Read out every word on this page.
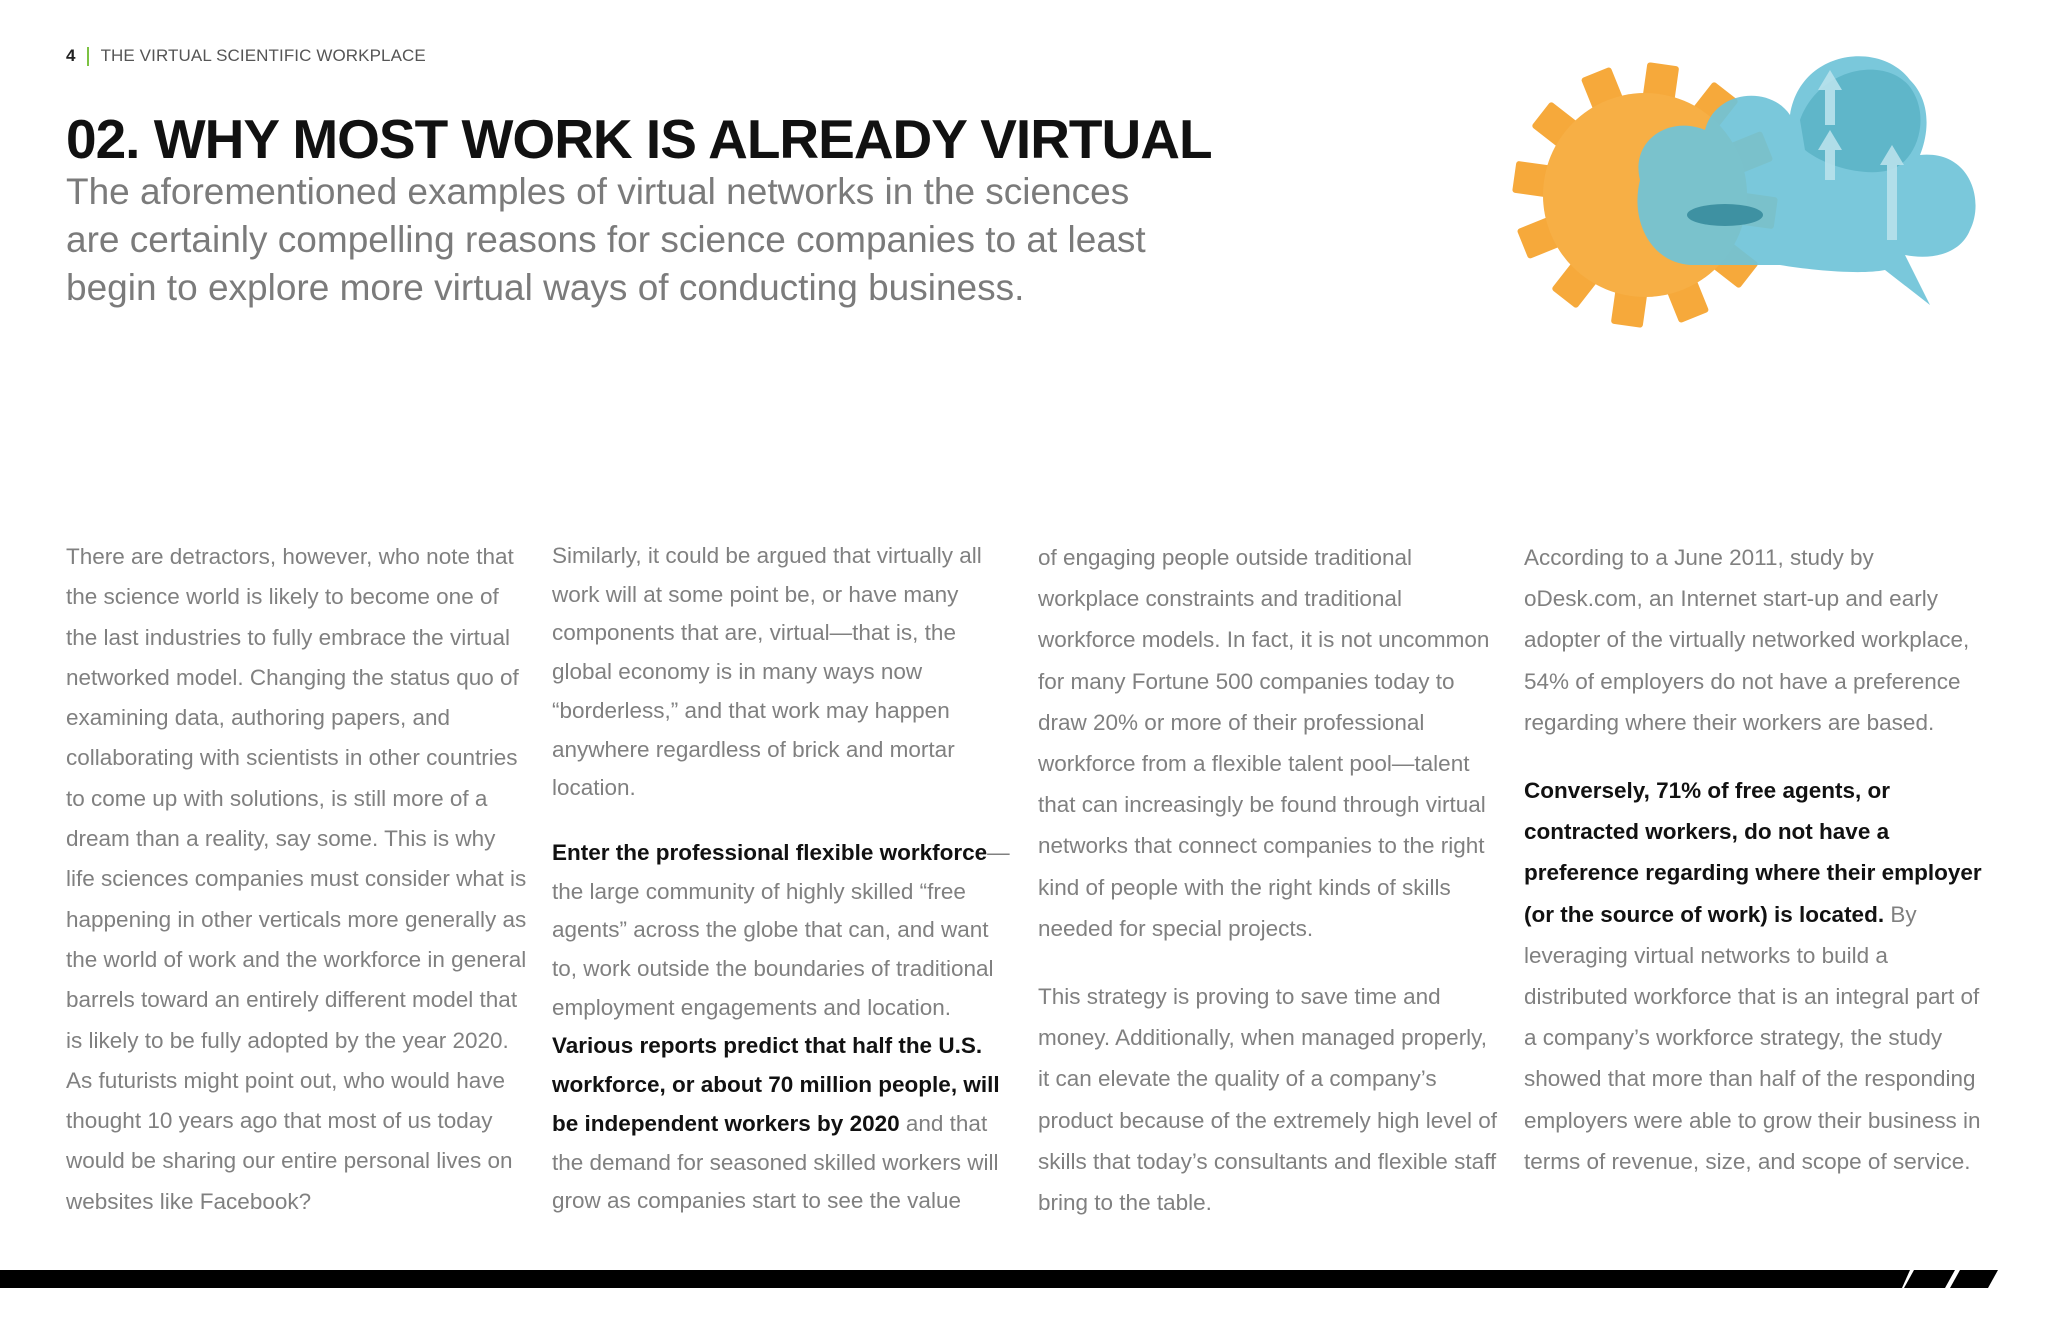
4 THE VIRTUAL SCIENTIFIC WORKPLACE
02. WHY MOST WORK IS ALREADY VIRTUAL

The aforementioned examples of virtual networks in the sciences are certainly compelling reasons for science companies to at least begin to explore more virtual ways of conducting business.

There are detractors, however, who note that the science world is likely to become one of the last industries to fully embrace the virtual networked model. Changing the status quo of examining data, authoring papers, and collaborating with scientists in other countries to come up with solutions, is still more of a dream than a reality, say some. This is why life sciences companies must consider what is happening in other verticals more generally as the world of work and the workforce in general barrels toward an entirely different model that is likely to be fully adopted by the year 2020. As futurists might point out, who would have thought 10 years ago that most of us today would be sharing our entire personal lives on websites like Facebook?

Similarly, it could be argued that virtually all work will at some point be, or have many components that are, virtual—that is, the global economy is in many ways now “borderless,” and that work may happen anywhere regardless of brick and mortar location.

Enter the professional flexible workforce—the large community of highly skilled “free agents” across the globe that can, and want to, work outside the boundaries of traditional employment engagements and location. Various reports predict that half the U.S. workforce, or about 70 million people, will be independent workers by 2020 and that the demand for seasoned skilled workers will grow as companies start to see the value

of engaging people outside traditional workplace constraints and traditional workforce models. In fact, it is not uncommon for many Fortune 500 companies today to draw 20% or more of their professional workforce from a flexible talent pool—talent that can increasingly be found through virtual networks that connect companies to the right kind of people with the right kinds of skills needed for special projects.

This strategy is proving to save time and money. Additionally, when managed properly, it can elevate the quality of a company’s product because of the extremely high level of skills that today’s consultants and flexible staff bring to the table.

According to a June 2011, study by oDesk.com, an Internet start-up and early adopter of the virtually networked workplace, 54% of employers do not have a preference regarding where their workers are based.

Conversely, 71% of free agents, or contracted workers, do not have a preference regarding where their employer (or the source of work) is located. By leveraging virtual networks to build a distributed workforce that is an integral part of a company’s workforce strategy, the study showed that more than half of the responding employers were able to grow their business in terms of revenue, size, and scope of service.
